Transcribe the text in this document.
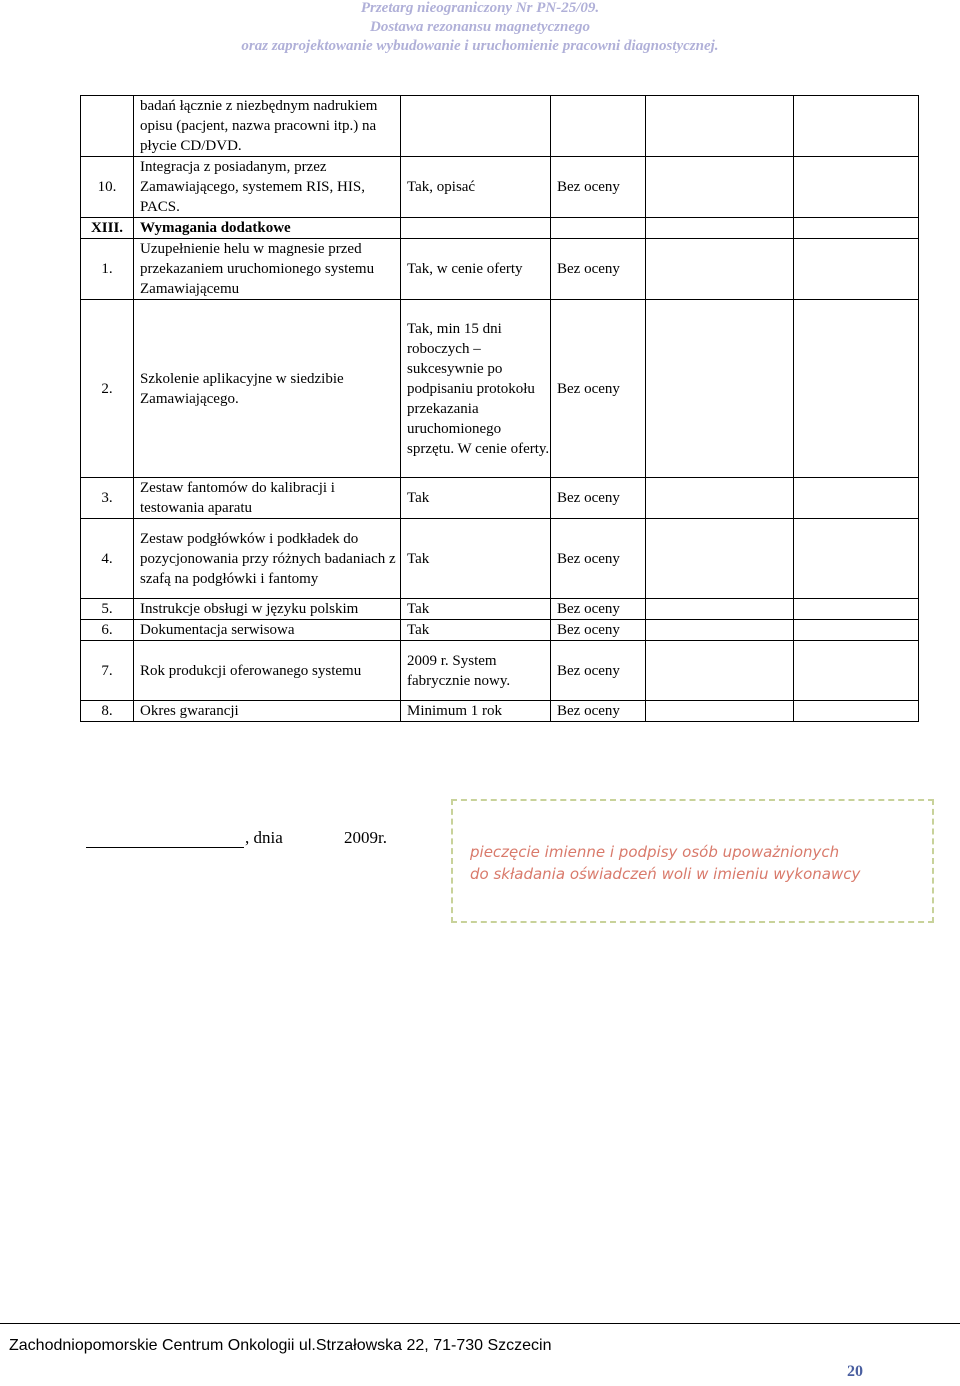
Przetarg nieograniczony Nr PN-25/09.
Dostawa rezonansu magnetycznego
oraz zaprojektowanie wybudowanie i uruchomienie pracowni diagnostycznej.
	badań łącznie z niezbędnym nadrukiem opisu (pacjent, nazwa pracowni itp.) na płycie CD/DVD.				
10.	Integracja z posiadanym, przez Zamawiającego, systemem RIS, HIS, PACS.	Tak, opisać	Bez oceny		
XIII.	Wymagania dodatkowe				
1.	Uzupełnienie helu w magnesie przed przekazaniem uruchomionego systemu Zamawiającemu	Tak, w cenie oferty	Bez oceny		
2.	Szkolenie aplikacyjne w siedzibie Zamawiającego.	Tak, min 15 dni roboczych – sukcesywnie po podpisaniu protokołu przekazania uruchomionego sprzętu. W cenie oferty.	Bez oceny		
3.	Zestaw fantomów do kalibracji i testowania aparatu	Tak	Bez oceny		
4.	Zestaw podgłówków i podkładek do pozycjonowania przy różnych badaniach z szafą na podgłówki i fantomy	Tak	Bez oceny		
5.	Instrukcje obsługi w języku polskim	Tak	Bez oceny		
6.	Dokumentacja serwisowa	Tak	Bez oceny		
7.	Rok produkcji oferowanego systemu	2009 r. System fabrycznie nowy.	Bez oceny		
8.	Okres gwarancji	Minimum 1 rok	Bez oceny		
, dnia	2009r.
pieczęcie imienne i podpisy osób upoważnionych
do składania oświadczeń woli w imieniu wykonawcy
Zachodniopomorskie Centrum Onkologii ul.Strzałowska 22, 71-730 Szczecin
20
